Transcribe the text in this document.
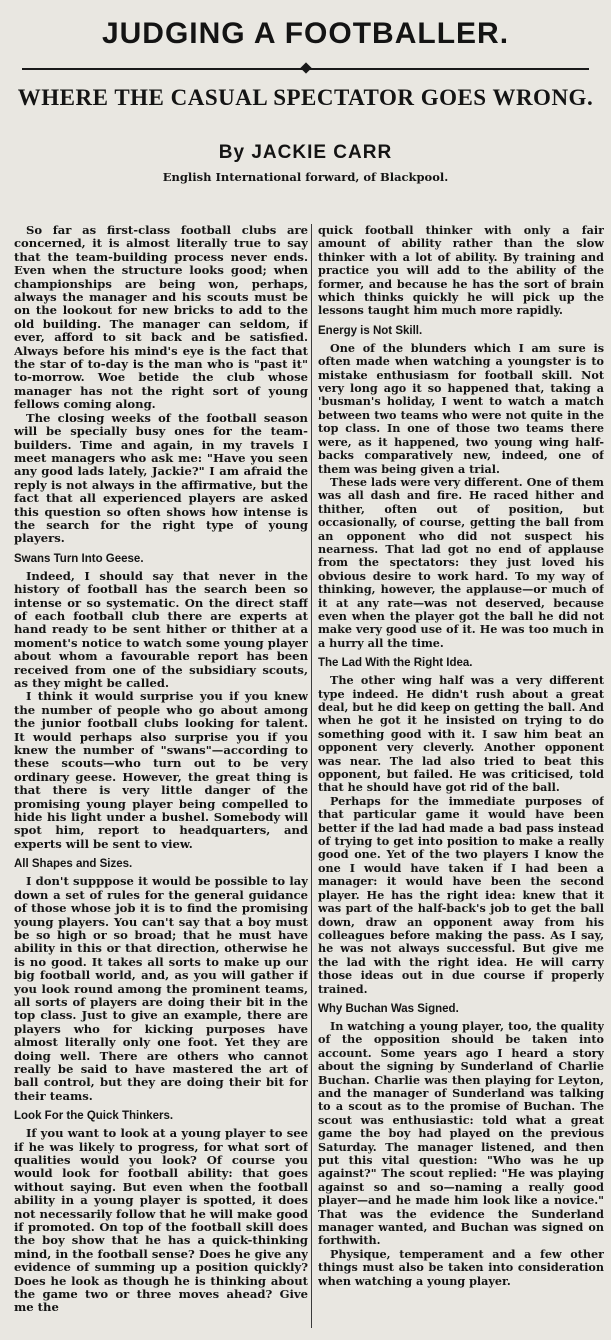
JUDGING A FOOTBALLER.
WHERE THE CASUAL SPECTATOR GOES WRONG.
By JACKIE CARR
English International forward, of Blackpool.

So far as first-class football clubs are concerned, it is almost literally true to say that the team-building process never ends. Even when the structure looks good; when championships are being won, perhaps, always the manager and his scouts must be on the lookout for new bricks to add to the old building. The manager can seldom, if ever, afford to sit back and be satisfied. Always before his mind's eye is the fact that the star of to-day is the man who is "past it" to-morrow. Woe betide the club whose manager has not the right sort of young fellows coming along.

The closing weeks of the football season will be specially busy ones for the team-builders. Time and again, in my travels I meet managers who ask me: "Have you seen any good lads lately, Jackie?" I am afraid the reply is not always in the affirmative, but the fact that all experienced players are asked this question so often shows how intense is the search for the right type of young players.

Swans Turn Into Geese.

Indeed, I should say that never in the history of football has the search been so intense or so systematic. On the direct staff of each football club there are experts at hand ready to be sent hither or thither at a moment's notice to watch some young player about whom a favourable report has been received from one of the subsidiary scouts, as they might be called.

I think it would surprise you if you knew the number of people who go about among the junior football clubs looking for talent. It would perhaps also surprise you if you knew the number of "swans"—according to these scouts—who turn out to be very ordinary geese. However, the great thing is that there is very little danger of the promising young player being compelled to hide his light under a bushel. Somebody will spot him, report to headquarters, and experts will be sent to view.

All Shapes and Sizes.

I don't supppose it would be possible to lay down a set of rules for the general guidance of those whose job it is to find the promising young players. You can't say that a boy must be so high or so broad; that he must have ability in this or that direction, otherwise he is no good. It takes all sorts to make up our big football world, and, as you will gather if you look round among the prominent teams, all sorts of players are doing their bit in the top class. Just to give an example, there are players who for kicking purposes have almost literally only one foot. Yet they are doing well. There are others who cannot really be said to have mastered the art of ball control, but they are doing their bit for their teams.

Look For the Quick Thinkers.

If you want to look at a young player to see if he was likely to progress, for what sort of qualities would you look? Of course you would look for football ability: that goes without saying. But even when the football ability in a young player is spotted, it does not necessarily follow that he will make good if promoted. On top of the football skill does the boy show that he has a quick-thinking mind, in the football sense? Does he give any evidence of summing up a position quickly? Does he look as though he is thinking about the game two or three moves ahead? Give me the

quick football thinker with only a fair amount of ability rather than the slow thinker with a lot of ability. By training and practice you will add to the ability of the former, and because he has the sort of brain which thinks quickly he will pick up the lessons taught him much more rapidly.

Energy is Not Skill.

One of the blunders which I am sure is often made when watching a youngster is to mistake enthusiasm for football skill. Not very long ago it so happened that, taking a 'busman's holiday, I went to watch a match between two teams who were not quite in the top class. In one of those two teams there were, as it happened, two young wing half-backs comparatively new, indeed, one of them was being given a trial.

These lads were very different. One of them was all dash and fire. He raced hither and thither, often out of position, but occasionally, of course, getting the ball from an opponent who did not suspect his nearness. That lad got no end of applause from the spectators: they just loved his obvious desire to work hard. To my way of thinking, however, the applause—or much of it at any rate—was not deserved, because even when the player got the ball he did not make very good use of it. He was too much in a hurry all the time.

The Lad With the Right Idea.

The other wing half was a very different type indeed. He didn't rush about a great deal, but he did keep on getting the ball. And when he got it he insisted on trying to do something good with it. I saw him beat an opponent very cleverly. Another opponent was near. The lad also tried to beat this opponent, but failed. He was criticised, told that he should have got rid of the ball.

Perhaps for the immediate purposes of that particular game it would have been better if the lad had made a bad pass instead of trying to get into position to make a really good one. Yet of the two players I know the one I would have taken if I had been a manager: it would have been the second player. He has the right idea: knew that it was part of the half-back's job to get the ball down, draw an opponent away from his colleagues before making the pass. As I say, he was not always successful. But give me the lad with the right idea. He will carry those ideas out in due course if properly trained.

Why Buchan Was Signed.

In watching a young player, too, the quality of the opposition should be taken into account. Some years ago I heard a story about the signing by Sunderland of Charlie Buchan. Charlie was then playing for Leyton, and the manager of Sunderland was talking to a scout as to the promise of Buchan. The scout was enthusiastic: told what a great game the boy had played on the previous Saturday. The manager listened, and then put this vital question: "Who was he up against?" The scout replied: "He was playing against so and so—naming a really good player—and he made him look like a novice." That was the evidence the Sunderland manager wanted, and Buchan was signed on forthwith.

Physique, temperament and a few other things must also be taken into consideration when watching a young player.
